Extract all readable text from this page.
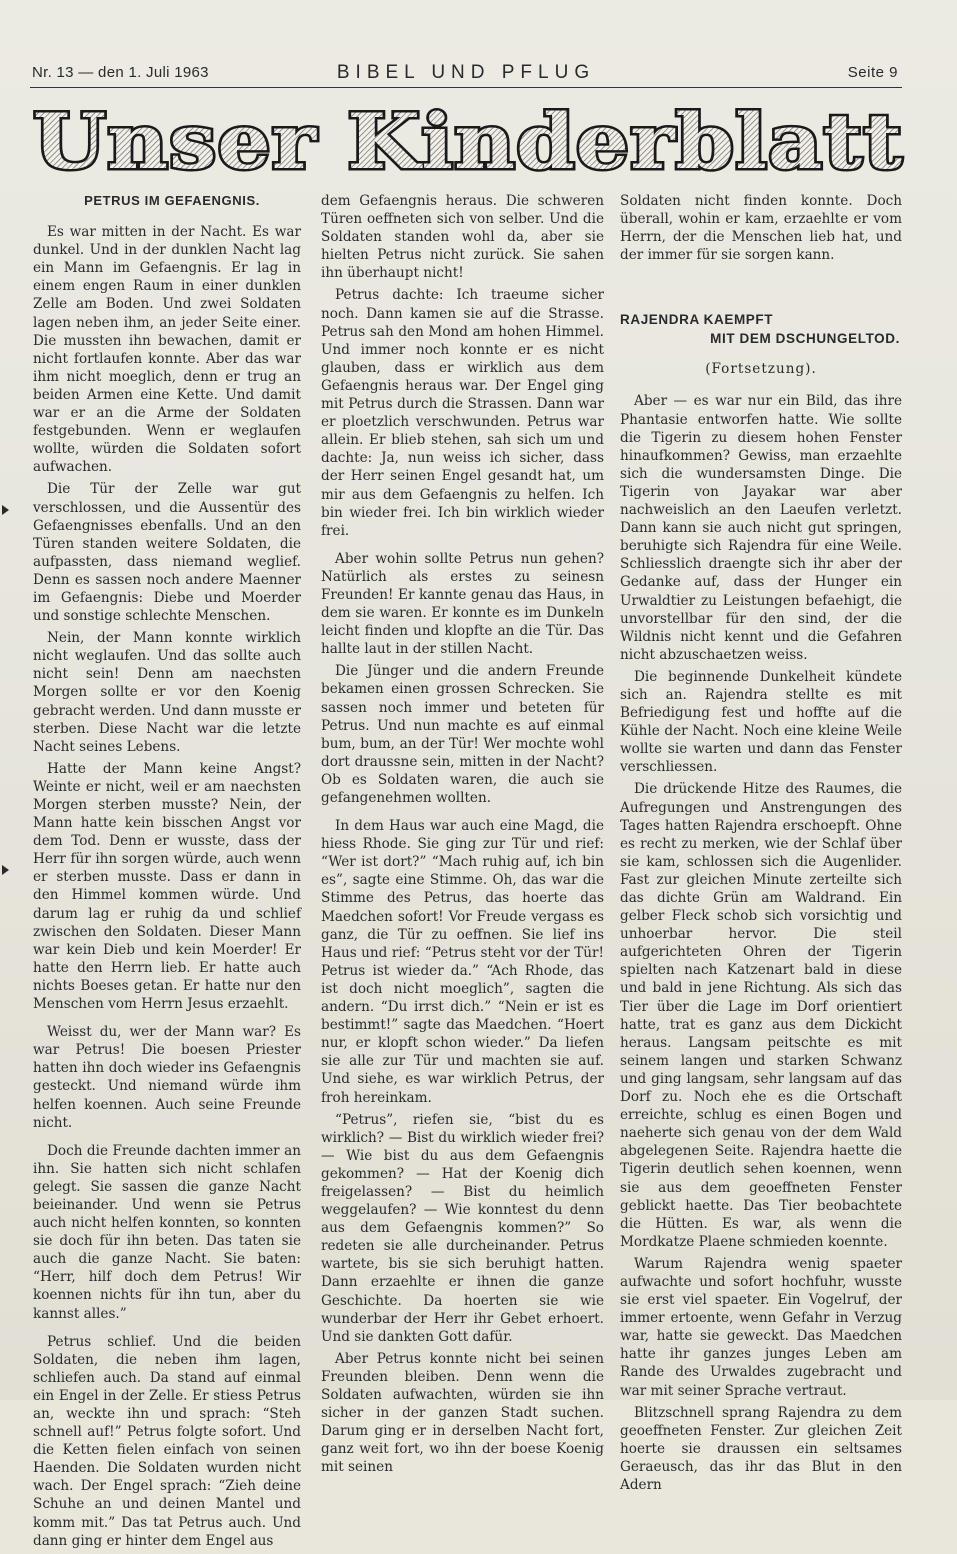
Nr. 13 — den 1. Juli 1963	BIBEL UND PFLUG	Seite 9
Unser Kinderblatt
PETRUS IM GEFAENGNIS.

Es war mitten in der Nacht. Es war dunkel. Und in der dunklen Nacht lag ein Mann im Gefaengnis. Er lag in einem engen Raum in einer dunklen Zelle am Boden. Und zwei Soldaten lagen neben ihm, an jeder Seite einer. Die mussten ihn bewachen, damit er nicht fortlaufen konnte. Aber das war ihm nicht moeglich, denn er trug an beiden Armen eine Kette. Und damit war er an die Arme der Soldaten festgebunden. Wenn er weglaufen wollte, würden die Soldaten sofort aufwachen.

Die Tür der Zelle war gut verschlossen, und die Aussentür des Gefaengnisses ebenfalls. Und an den Türen standen weitere Soldaten, die aufpassten, dass niemand weglief. Denn es sassen noch andere Maenner im Gefaengnis: Diebe und Moerder und sonstige schlechte Menschen.

Nein, der Mann konnte wirklich nicht weglaufen. Und das sollte auch nicht sein! Denn am naechsten Morgen sollte er vor den Koenig gebracht werden. Und dann musste er sterben. Diese Nacht war die letzte Nacht seines Lebens.

Hatte der Mann keine Angst? Weinte er nicht, weil er am naechsten Morgen sterben musste? Nein, der Mann hatte kein bisschen Angst vor dem Tod. Denn er wusste, dass der Herr für ihn sorgen würde, auch wenn er sterben musste. Dass er dann in den Himmel kommen würde. Und darum lag er ruhig da und schlief zwischen den Soldaten. Dieser Mann war kein Dieb und kein Moerder! Er hatte den Herrn lieb. Er hatte auch nichts Boeses getan. Er hatte nur den Menschen vom Herrn Jesus erzaehlt.

Weisst du, wer der Mann war? Es war Petrus! Die boesen Priester hatten ihn doch wieder ins Gefaengnis gesteckt. Und niemand würde ihm helfen koennen. Auch seine Freunde nicht.

Doch die Freunde dachten immer an ihn. Sie hatten sich nicht schlafen gelegt. Sie sassen die ganze Nacht beieinander. Und wenn sie Petrus auch nicht helfen konnten, so konnten sie doch für ihn beten. Das taten sie auch die ganze Nacht. Sie baten: “Herr, hilf doch dem Petrus! Wir koennen nichts für ihn tun, aber du kannst alles.”

Petrus schlief. Und die beiden Soldaten, die neben ihm lagen, schliefen auch. Da stand auf einmal ein Engel in der Zelle. Er stiess Petrus an, weckte ihn und sprach: “Steh schnell auf!” Petrus folgte sofort. Und die Ketten fielen einfach von seinen Haenden. Die Soldaten wurden nicht wach. Der Engel sprach: “Zieh deine Schuhe an und deinen Mantel und komm mit.” Das tat Petrus auch. Und dann ging er hinter dem Engel aus

dem Gefaengnis heraus. Die schweren Türen oeffneten sich von selber. Und die Soldaten standen wohl da, aber sie hielten Petrus nicht zurück. Sie sahen ihn überhaupt nicht!

Petrus dachte: Ich traeume sicher noch. Dann kamen sie auf die Strasse. Petrus sah den Mond am hohen Himmel. Und immer noch konnte er es nicht glauben, dass er wirklich aus dem Gefaengnis heraus war. Der Engel ging mit Petrus durch die Strassen. Dann war er ploetzlich verschwunden. Petrus war allein. Er blieb stehen, sah sich um und dachte: Ja, nun weiss ich sicher, dass der Herr seinen Engel gesandt hat, um mir aus dem Gefaengnis zu helfen. Ich bin wieder frei. Ich bin wirklich wieder frei.

Aber wohin sollte Petrus nun gehen? Natürlich als erstes zu seinesn Freunden! Er kannte genau das Haus, in dem sie waren. Er konnte es im Dunkeln leicht finden und klopfte an die Tür. Das hallte laut in der stillen Nacht.

Die Jünger und die andern Freunde bekamen einen grossen Schrecken. Sie sassen noch immer und beteten für Petrus. Und nun machte es auf einmal bum, bum, an der Tür! Wer mochte wohl dort draussne sein, mitten in der Nacht? Ob es Soldaten waren, die auch sie gefangenehmen wollten.

In dem Haus war auch eine Magd, die hiess Rhode. Sie ging zur Tür und rief: “Wer ist dort?” “Mach ruhig auf, ich bin es”, sagte eine Stimme. Oh, das war die Stimme des Petrus, das hoerte das Maedchen sofort! Vor Freude vergass es ganz, die Tür zu oeffnen. Sie lief ins Haus und rief: “Petrus steht vor der Tür! Petrus ist wieder da.” “Ach Rhode, das ist doch nicht moeglich”, sagten die andern. “Du irrst dich.” “Nein er ist es bestimmt!” sagte das Maedchen. “Hoert nur, er klopft schon wieder.” Da liefen sie alle zur Tür und machten sie auf. Und siehe, es war wirklich Petrus, der froh hereinkam.

“Petrus”, riefen sie, “bist du es wirklich? — Bist du wirklich wieder frei? — Wie bist du aus dem Gefaengnis gekommen? — Hat der Koenig dich freigelassen? — Bist du heimlich weggelaufen? — Wie konntest du denn aus dem Gefaengnis kommen?” So redeten sie alle durcheinander. Petrus wartete, bis sie sich beruhigt hatten. Dann erzaehlte er ihnen die ganze Geschichte. Da hoerten sie wie wunderbar der Herr ihr Gebet erhoert. Und sie dankten Gott dafür.

Aber Petrus konnte nicht bei seinen Freunden bleiben. Denn wenn die Soldaten aufwachten, würden sie ihn sicher in der ganzen Stadt suchen. Darum ging er in derselben Nacht fort, ganz weit fort, wo ihn der boese Koenig mit seinen

Soldaten nicht finden konnte. Doch überall, wohin er kam, erzaehlte er vom Herrn, der die Menschen lieb hat, und der immer für sie sorgen kann.

RAJENDRA KAEMPFT
MIT DEM DSCHUNGELTOD.
(Fortsetzung).

Aber — es war nur ein Bild, das ihre Phantasie entworfen hatte. Wie sollte die Tigerin zu diesem hohen Fenster hinaufkommen? Gewiss, man erzaehlte sich die wundersamsten Dinge. Die Tigerin von Jayakar war aber nachweislich an den Laeufen verletzt. Dann kann sie auch nicht gut springen, beruhigte sich Rajendra für eine Weile. Schliesslich draengte sich ihr aber der Gedanke auf, dass der Hunger ein Urwaldtier zu Leistungen befaehigt, die unvorstellbar für den sind, der die Wildnis nicht kennt und die Gefahren nicht abzuschaetzen weiss.

Die beginnende Dunkelheit kündete sich an. Rajendra stellte es mit Befriedigung fest und hoffte auf die Kühle der Nacht. Noch eine kleine Weile wollte sie warten und dann das Fenster verschliessen.

Die drückende Hitze des Raumes, die Aufregungen und Anstrengungen des Tages hatten Rajendra erschoepft. Ohne es recht zu merken, wie der Schlaf über sie kam, schlossen sich die Augenlider. Fast zur gleichen Minute zerteilte sich das dichte Grün am Waldrand. Ein gelber Fleck schob sich vorsichtig und unhoerbar hervor. Die steil aufgerichteten Ohren der Tigerin spielten nach Katzenart bald in diese und bald in jene Richtung. Als sich das Tier über die Lage im Dorf orientiert hatte, trat es ganz aus dem Dickicht heraus. Langsam peitschte es mit seinem langen und starken Schwanz und ging langsam, sehr langsam auf das Dorf zu. Noch ehe es die Ortschaft erreichte, schlug es einen Bogen und naeherte sich genau von der dem Wald abgelegenen Seite. Rajendra haette die Tigerin deutlich sehen koennen, wenn sie aus dem geoeffneten Fenster geblickt haette. Das Tier beobachtete die Hütten. Es war, als wenn die Mordkatze Plaene schmieden koennte.

Warum Rajendra wenig spaeter aufwachte und sofort hochfuhr, wusste sie erst viel spaeter. Ein Vogelruf, der immer ertoente, wenn Gefahr in Verzug war, hatte sie geweckt. Das Maedchen hatte ihr ganzes junges Leben am Rande des Urwaldes zugebracht und war mit seiner Sprache vertraut.

Blitzschnell sprang Rajendra zu dem geoeffneten Fenster. Zur gleichen Zeit hoerte sie draussen ein seltsames Geraeusch, das ihr das Blut in den Adern
